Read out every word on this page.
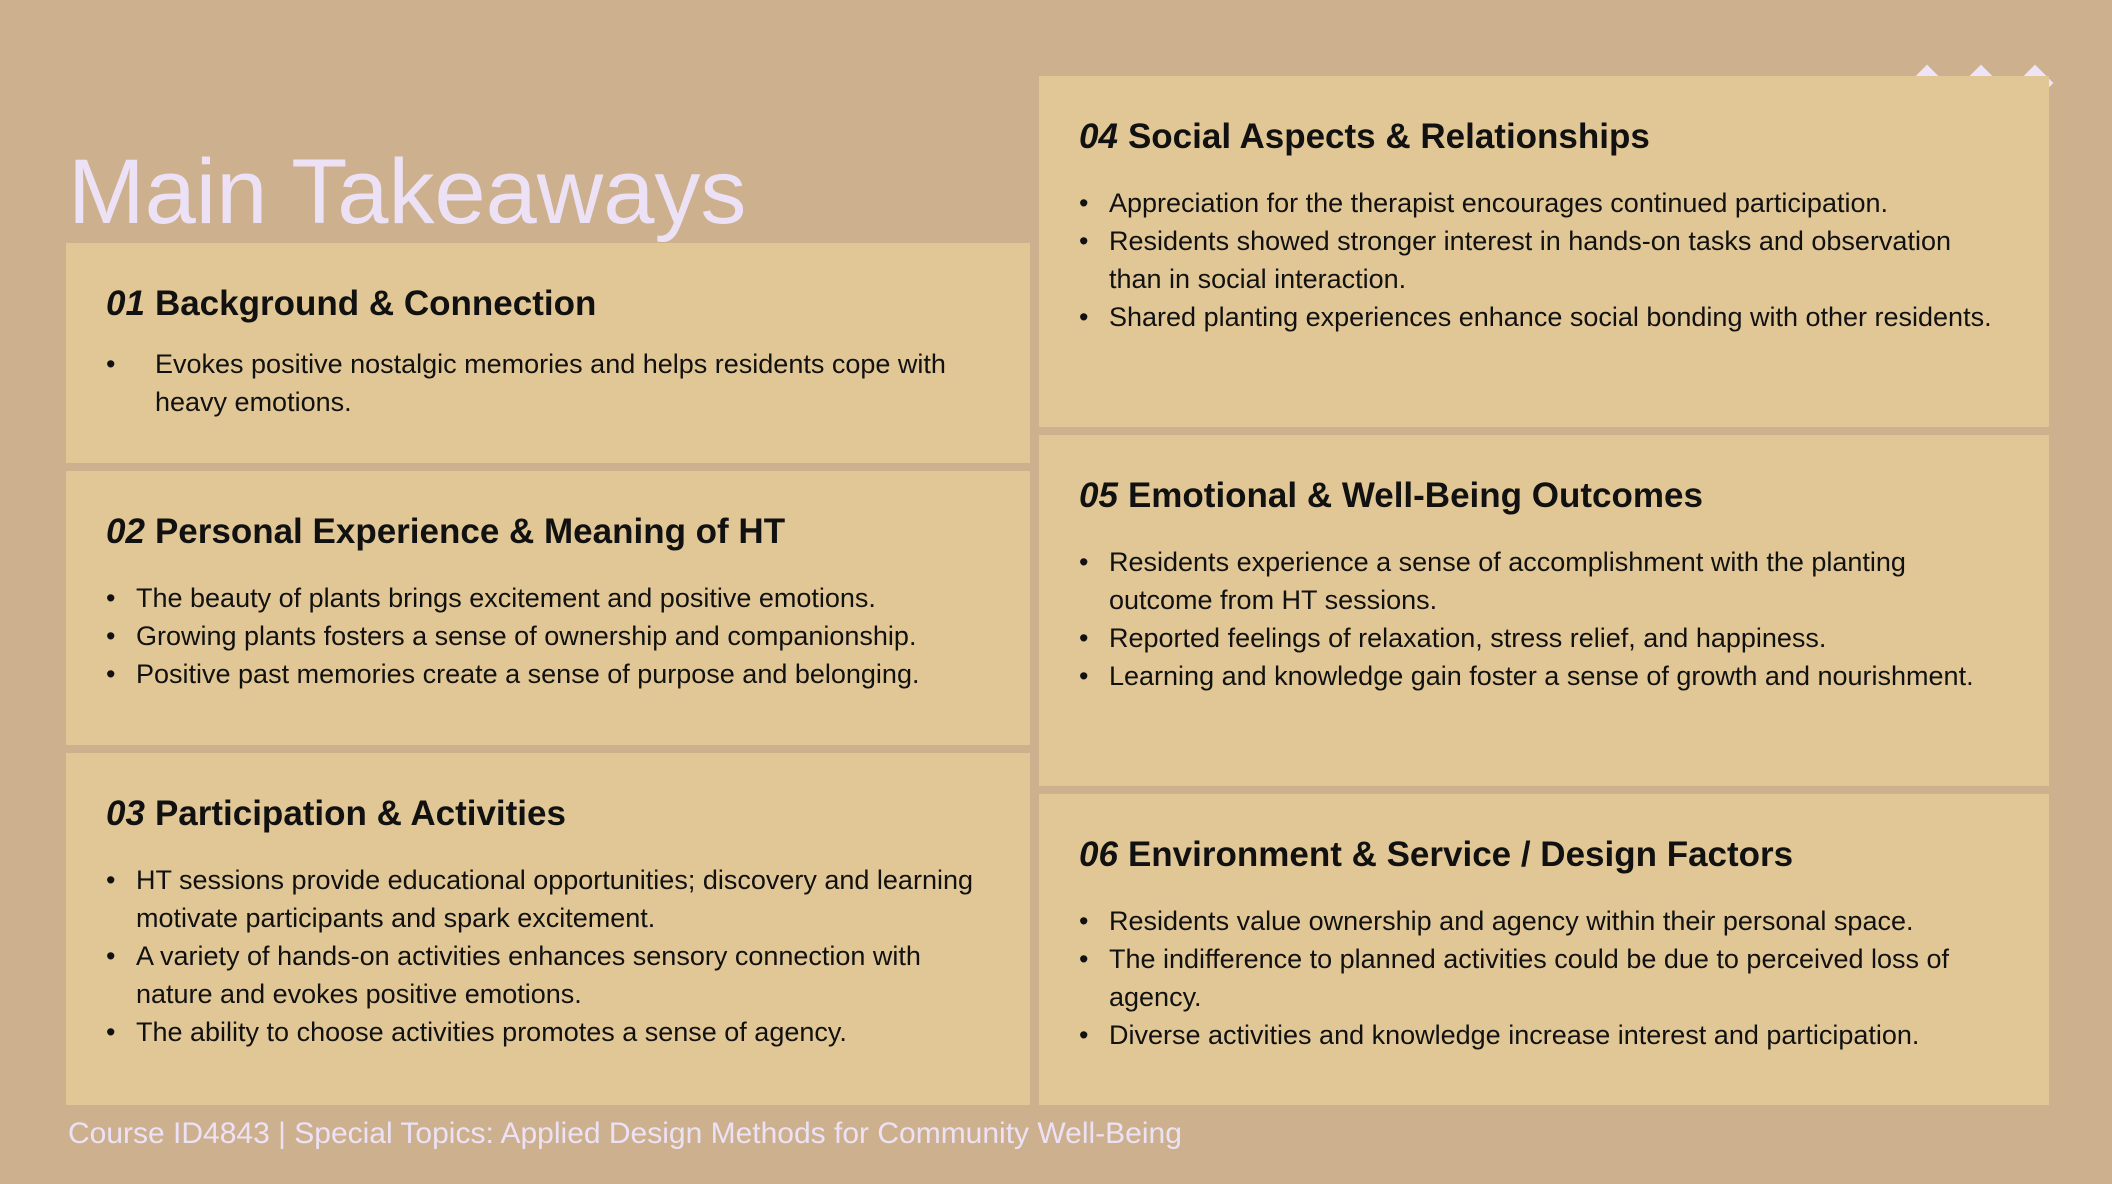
Main Takeaways
01 Background & Connection
• Evokes positive nostalgic memories and helps residents cope with heavy emotions.
02 Personal Experience & Meaning of HT
• The beauty of plants brings excitement and positive emotions.
• Growing plants fosters a sense of ownership and companionship.
• Positive past memories create a sense of purpose and belonging.
03 Participation & Activities
• HT sessions provide educational opportunities; discovery and learning motivate participants and spark excitement.
• A variety of hands-on activities enhances sensory connection with nature and evokes positive emotions.
• The ability to choose activities promotes a sense of agency.
04 Social Aspects & Relationships
• Appreciation for the therapist encourages continued participation.
• Residents showed stronger interest in hands-on tasks and observation than in social interaction.
• Shared planting experiences enhance social bonding with other residents.
05 Emotional & Well-Being Outcomes
• Residents experience a sense of accomplishment with the planting outcome from HT sessions.
• Reported feelings of relaxation, stress relief, and happiness.
• Learning and knowledge gain foster a sense of growth and nourishment.
06 Environment & Service / Design Factors
• Residents value ownership and agency within their personal space.
• The indifference to planned activities could be due to perceived loss of agency.
• Diverse activities and knowledge increase interest and participation.
Course ID4843 | Special Topics: Applied Design Methods for Community Well-Being
